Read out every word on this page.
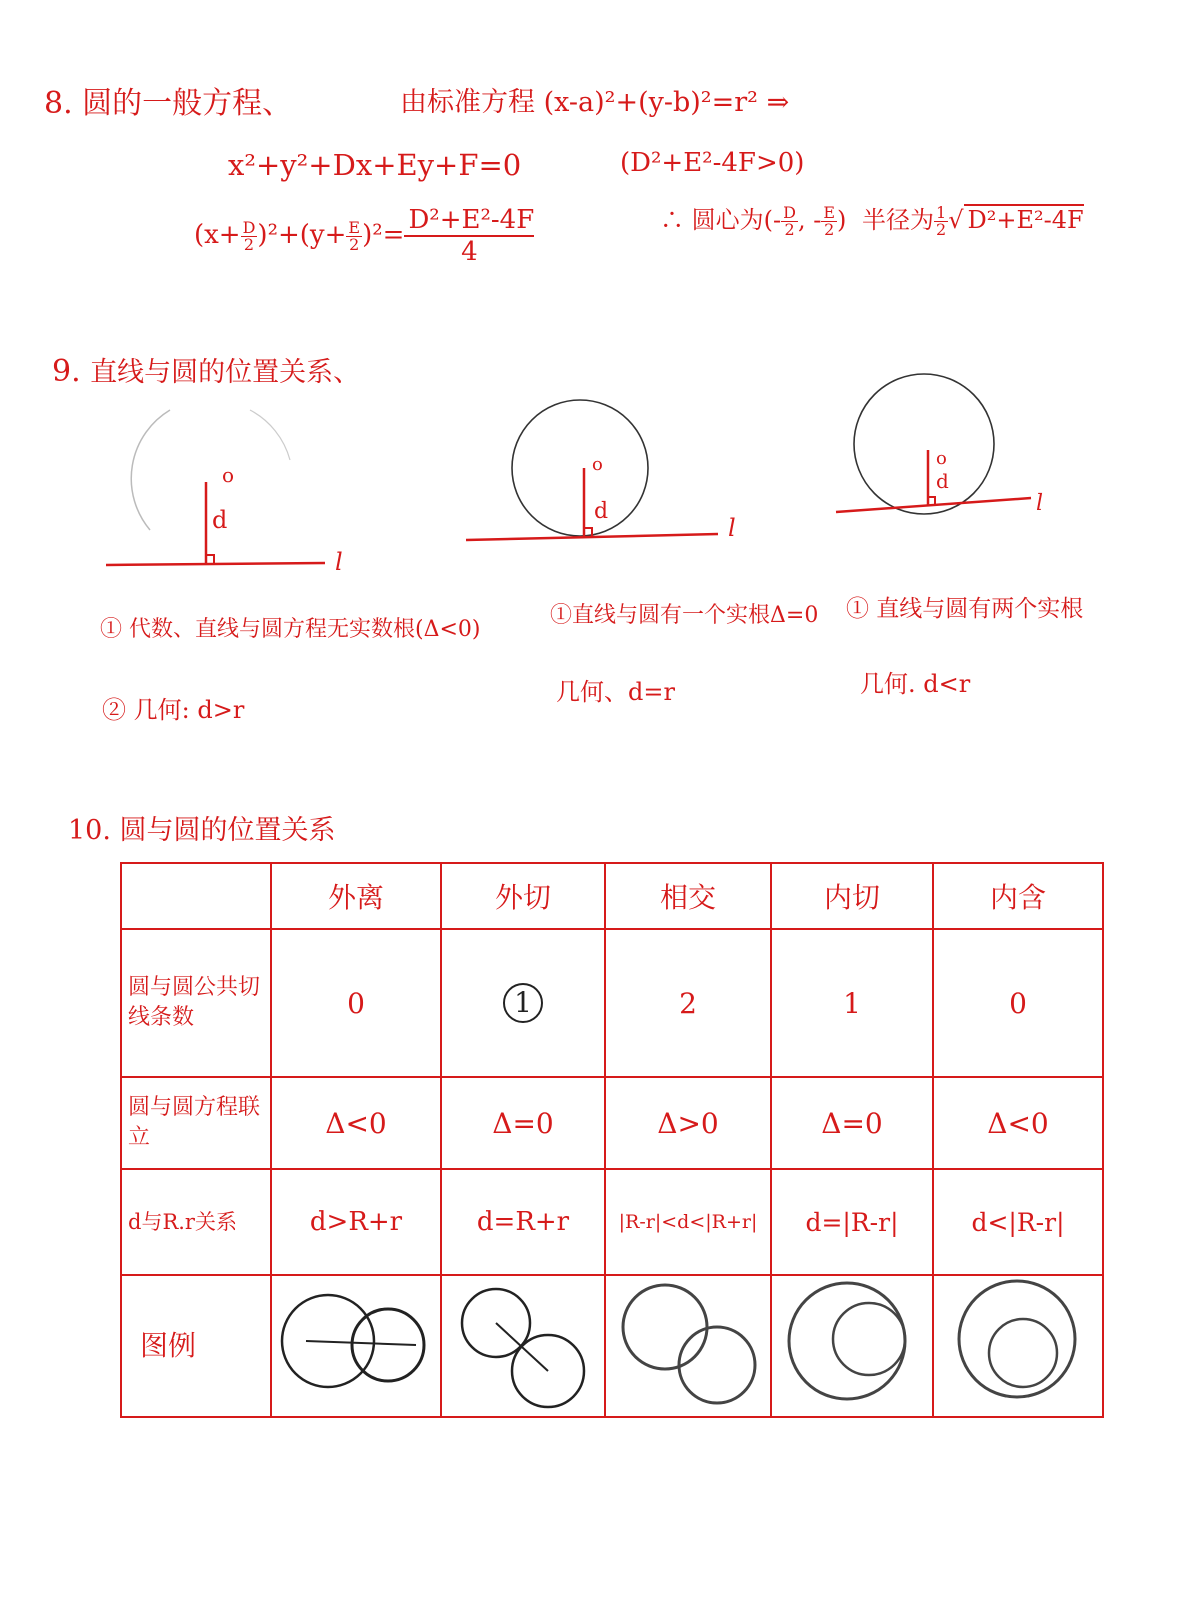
8. 圆的一般方程、	由标准方程 (x-a)²+(y-b)²=r² ⇒
x²+y²+Dx+Ey+F=0	(D²+E²-4F>0)
$(x+ \frac{D}{2} )^2+(y+ \frac{E}{2} )^2= \frac{\text{D²+E²-4F}}{4}$	∴ 圆心为(- $\frac{D}{2}$ , - $\frac{E}{2}$ ) 半径为 $\frac{1}{2}$ √ D²+E²-4F
9. 直线与圆的位置关系、
o
d
l
o
d
l
o
d
l
① 代数、直线与圆方程无实数根(Δ<0)
② 几何: d>r
①直线与圆有一个实根Δ=0
几何、d=r
① 直线与圆有两个实根
几何. d<r
10. 圆与圆的位置关系
	外离	外切	相交	内切	内含
圆与圆公共切线条数	0	1	2	1	0
圆与圆方程联立	Δ<0	Δ=0	Δ>0	Δ=0	Δ<0
d与R.r关系	d>R+r	d=R+r	|R-r|<d<|R+r|	d=|R-r|	d<|R-r|
图例					
